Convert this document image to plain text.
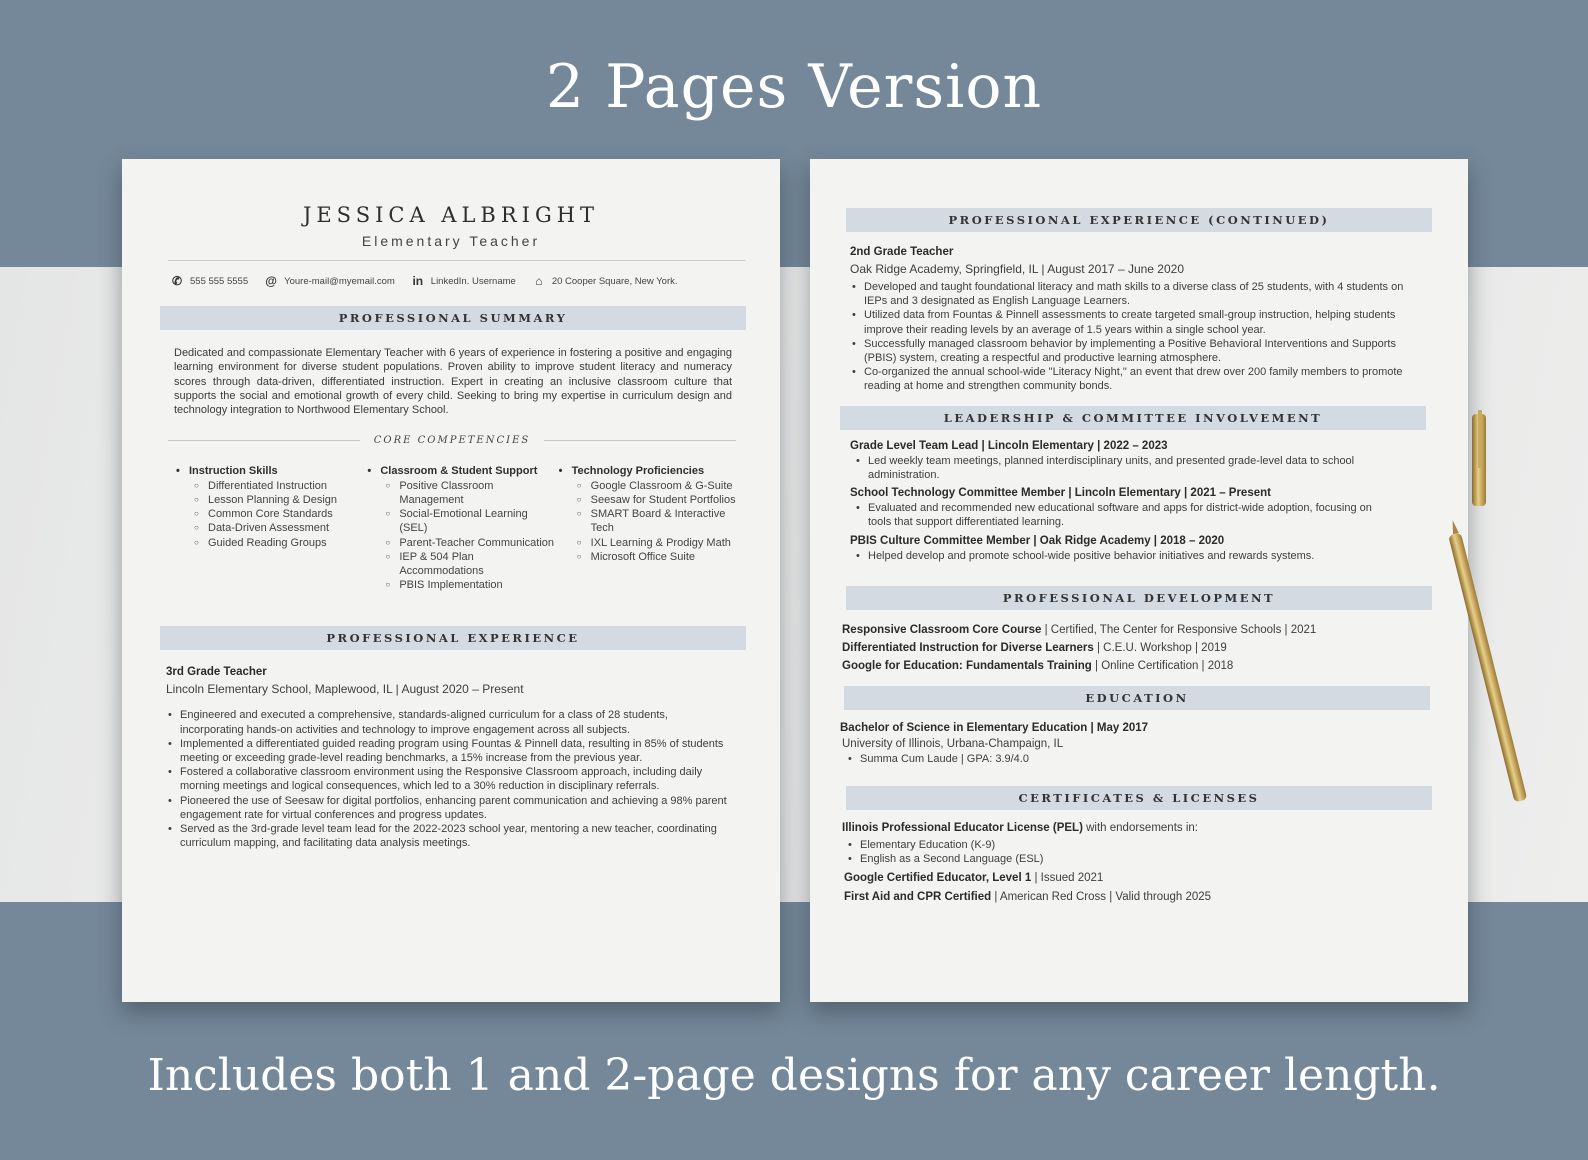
2 Pages Version
JESSICA ALBRIGHT
Elementary Teacher
✆ 555 555 5555 @ Youre-mail@myemail.com in LinkedIn. Username ⌂ 20 Cooper Square, New York.
PROFESSIONAL SUMMARY
Dedicated and compassionate Elementary Teacher with 6 years of experience in fostering a positive and engaging learning environment for diverse student populations. Proven ability to improve student literacy and numeracy scores through data-driven, differentiated instruction. Expert in creating an inclusive classroom culture that supports the social and emotional growth of every child. Seeking to bring my expertise in curriculum design and technology integration to Northwood Elementary School.
CORE COMPETENCIES
• Instruction Skills
○ Differentiated Instruction
○ Lesson Planning & Design
○ Common Core Standards
○ Data-Driven Assessment
○ Guided Reading Groups
• Classroom & Student Support
○ Positive Classroom Management
○ Social-Emotional Learning (SEL)
○ Parent-Teacher Communication
○ IEP & 504 Plan Accommodations
○ PBIS Implementation
• Technology Proficiencies
○ Google Classroom & G-Suite
○ Seesaw for Student Portfolios
○ SMART Board & Interactive Tech
○ IXL Learning & Prodigy Math
○ Microsoft Office Suite
PROFESSIONAL EXPERIENCE
3rd Grade Teacher
Lincoln Elementary School, Maplewood, IL | August 2020 – Present
• Engineered and executed a comprehensive, standards-aligned curriculum for a class of 28 students, incorporating hands-on activities and technology to improve engagement across all subjects.
• Implemented a differentiated guided reading program using Fountas & Pinnell data, resulting in 85% of students meeting or exceeding grade-level reading benchmarks, a 15% increase from the previous year.
• Fostered a collaborative classroom environment using the Responsive Classroom approach, including daily morning meetings and logical consequences, which led to a 30% reduction in disciplinary referrals.
• Pioneered the use of Seesaw for digital portfolios, enhancing parent communication and achieving a 98% parent engagement rate for virtual conferences and progress updates.
• Served as the 3rd-grade level team lead for the 2022-2023 school year, mentoring a new teacher, coordinating curriculum mapping, and facilitating data analysis meetings.
PROFESSIONAL EXPERIENCE (CONTINUED)
2nd Grade Teacher
Oak Ridge Academy, Springfield, IL | August 2017 – June 2020
• Developed and taught foundational literacy and math skills to a diverse class of 25 students, with 4 students on IEPs and 3 designated as English Language Learners.
• Utilized data from Fountas & Pinnell assessments to create targeted small-group instruction, helping students improve their reading levels by an average of 1.5 years within a single school year.
• Successfully managed classroom behavior by implementing a Positive Behavioral Interventions and Supports (PBIS) system, creating a respectful and productive learning atmosphere.
• Co-organized the annual school-wide "Literacy Night," an event that drew over 200 family members to promote reading at home and strengthen community bonds.
LEADERSHIP & COMMITTEE INVOLVEMENT
Grade Level Team Lead | Lincoln Elementary | 2022 – 2023
• Led weekly team meetings, planned interdisciplinary units, and presented grade-level data to school administration.
School Technology Committee Member | Lincoln Elementary | 2021 – Present
• Evaluated and recommended new educational software and apps for district-wide adoption, focusing on tools that support differentiated learning.
PBIS Culture Committee Member | Oak Ridge Academy | 2018 – 2020
• Helped develop and promote school-wide positive behavior initiatives and rewards systems.
PROFESSIONAL DEVELOPMENT
Responsive Classroom Core Course | Certified, The Center for Responsive Schools | 2021
Differentiated Instruction for Diverse Learners | C.E.U. Workshop | 2019
Google for Education: Fundamentals Training | Online Certification | 2018
EDUCATION
Bachelor of Science in Elementary Education | May 2017
University of Illinois, Urbana-Champaign, IL
• Summa Cum Laude | GPA: 3.9/4.0
CERTIFICATES & LICENSES
Illinois Professional Educator License (PEL) with endorsements in:
• Elementary Education (K-9)
• English as a Second Language (ESL)
Google Certified Educator, Level 1 | Issued 2021
First Aid and CPR Certified | American Red Cross | Valid through 2025
Includes both 1 and 2-page designs for any career length.
